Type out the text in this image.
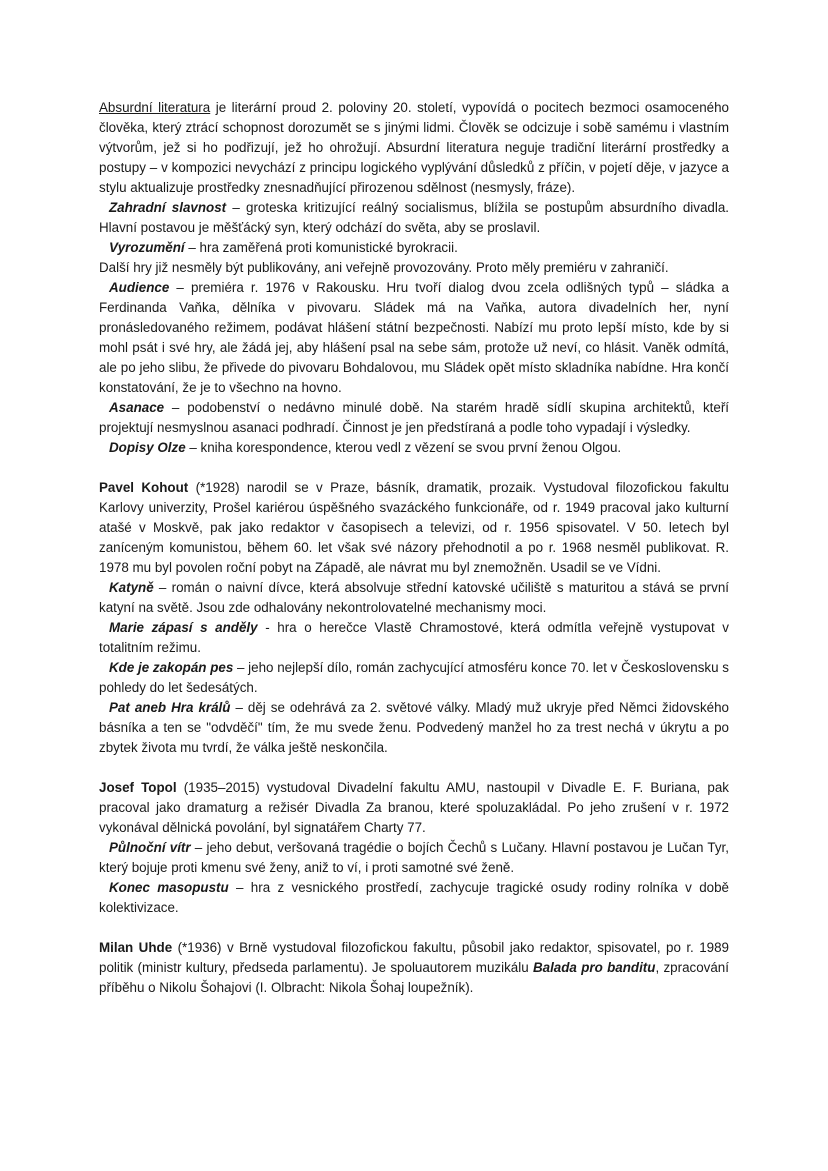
Absurdní literatura je literární proud 2. poloviny 20. století, vypovídá o pocitech bezmoci osamoceného člověka, který ztrácí schopnost dorozumět se s jinými lidmi. Člověk se odcizuje i sobě samému i vlastním výtvorům, jež si ho podřizují, jež ho ohrožují. Absurdní literatura neguje tradiční literární prostředky a postupy – v kompozici nevychází z principu logického vyplývání důsledků z příčin, v pojetí děje, v jazyce a stylu aktualizuje prostředky znesnadňující přirozenou sdělnost (nesmysly, fráze).

Zahradní slavnost – groteska kritizující reálný socialismus, blížila se postupům absurdního divadla. Hlavní postavou je měšťácký syn, který odchází do světa, aby se proslavil.

Vyrozumění – hra zaměřená proti komunistické byrokracii.

Další hry již nesměly být publikovány, ani veřejně provozovány. Proto měly premiéru v zahraničí.

Audience – premiéra r. 1976 v Rakousku. Hru tvoří dialog dvou zcela odlišných typů – sládka a Ferdinanda Vaňka, dělníka v pivovaru. Sládek má na Vaňka, autora divadelních her, nyní pronásledovaného režimem, podávat hlášení státní bezpečnosti. Nabízí mu proto lepší místo, kde by si mohl psát i své hry, ale žádá jej, aby hlášení psal na sebe sám, protože už neví, co hlásit. Vaněk odmítá, ale po jeho slibu, že přivede do pivovaru Bohdalovou, mu Sládek opět místo skladníka nabídne. Hra končí konstatování, že je to všechno na hovno.

Asanace – podobenství o nedávno minulé době. Na starém hradě sídlí skupina architektů, kteří projektují nesmyslnou asanaci podhradí. Činnost je jen předstíraná a podle toho vypadají i výsledky.

Dopisy Olze – kniha korespondence, kterou vedl z vězení se svou první ženou Olgou.

Pavel Kohout (*1928) narodil se v Praze, básník, dramatik, prozaik. Vystudoval filozofickou fakultu Karlovy univerzity, Prošel kariérou úspěšného svazáckého funkcionáře, od r. 1949 pracoval jako kulturní atašé v Moskvě, pak jako redaktor v časopisech a televizi, od r. 1956 spisovatel. V 50. letech byl zaníceným komunistou, během 60. let však své názory přehodnotil a po r. 1968 nesměl publikovat. R. 1978 mu byl povolen roční pobyt na Západě, ale návrat mu byl znemožněn. Usadil se ve Vídni.

Katyně – román o naivní dívce, která absolvuje střední katovské učiliště s maturitou a stává se první katyní na světě. Jsou zde odhalovány nekontrolovatelné mechanismy moci.

Marie zápasí s anděly - hra o herečce Vlastě Chramostové, která odmítla veřejně vystupovat v totalitním režimu.

Kde je zakopán pes – jeho nejlepší dílo, román zachycující atmosféru konce 70. let v Československu s pohledy do let šedesátých.

Pat aneb Hra králů – děj se odehrává za 2. světové války. Mladý muž ukryje před Němci židovského básníka a ten se "odvděčí" tím, že mu svede ženu. Podvedený manžel ho za trest nechá v úkrytu a po zbytek života mu tvrdí, že válka ještě neskončila.

Josef Topol (1935–2015) vystudoval Divadelní fakultu AMU, nastoupil v Divadle E. F. Buriana, pak pracoval jako dramaturg a režisér Divadla Za branou, které spoluzakládal. Po jeho zrušení v r. 1972 vykonával dělnická povolání, byl signatářem Charty 77.

Půlnoční vítr – jeho debut, veršovaná tragédie o bojích Čechů s Lučany. Hlavní postavou je Lučan Tyr, který bojuje proti kmenu své ženy, aniž to ví, i proti samotné své ženě.

Konec masopustu – hra z vesnického prostředí, zachycuje tragické osudy rodiny rolníka v době kolektivizace.

Milan Uhde (*1936) v Brně vystudoval filozofickou fakultu, působil jako redaktor, spisovatel, po r. 1989 politik (ministr kultury, předseda parlamentu). Je spoluautorem muzikálu Balada pro banditu, zpracování příběhu o Nikolu Šohajovi (I. Olbracht: Nikola Šohaj loupežník).
